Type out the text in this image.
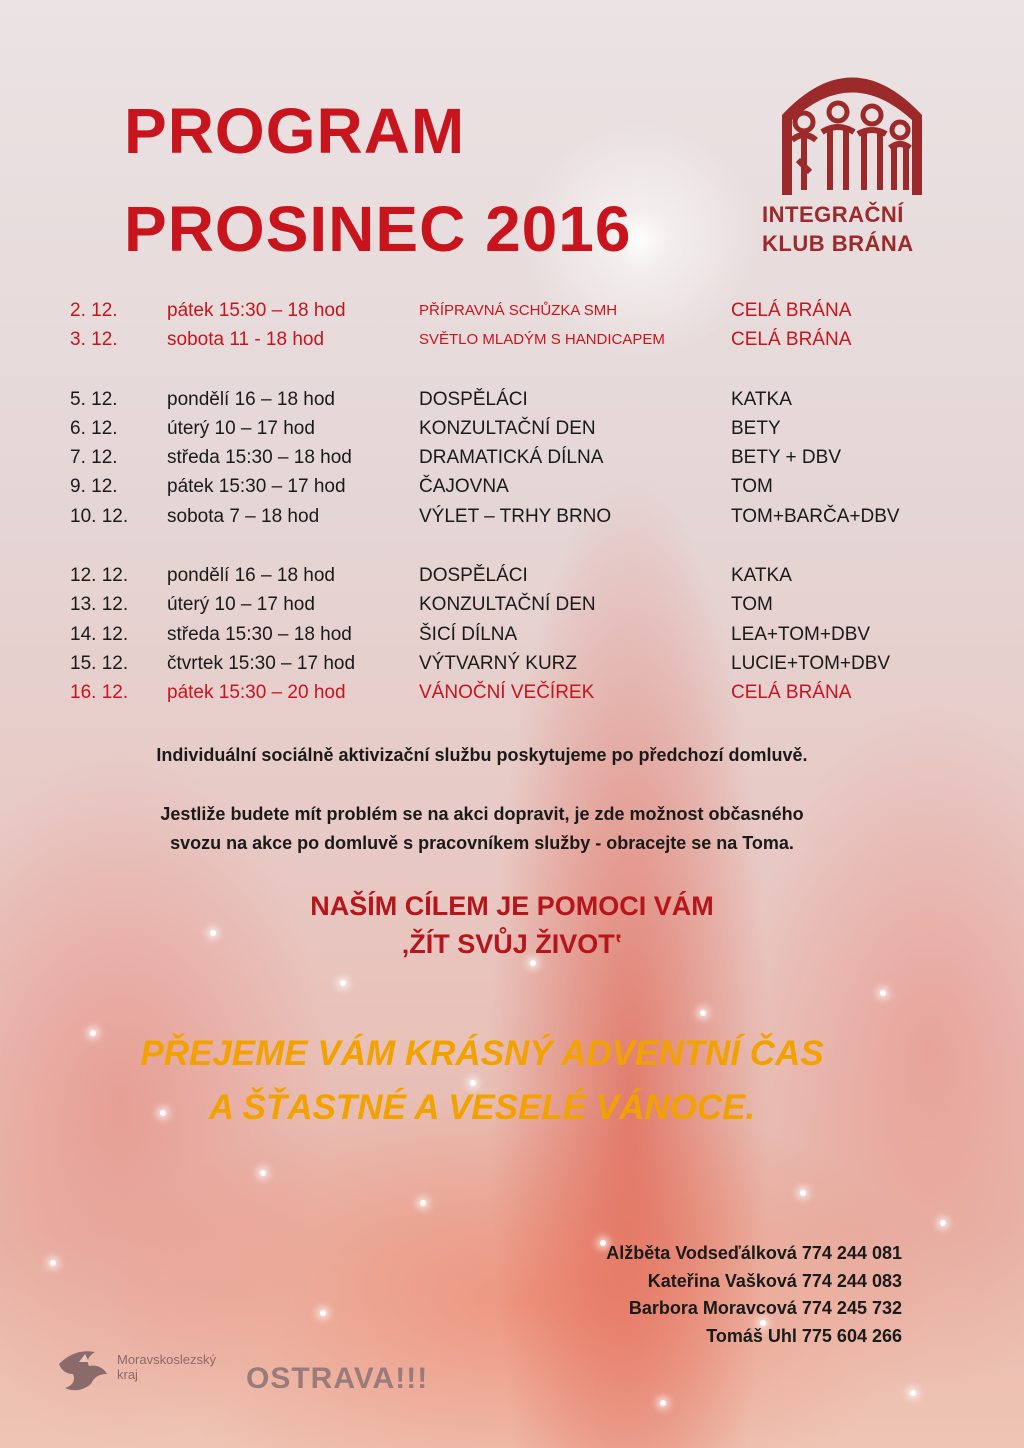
PROGRAM
PROSINEC 2016	INTEGRAČNÍ
KLUB BRÁNA
2. 12.	pátek 15:30 – 18 hod	PŘÍPRAVNÁ SCHŮZKA SMH	CELÁ BRÁNA
3. 12.	sobota 11 - 18 hod	SVĚTLO MLADÝM S HANDICAPEM	CELÁ BRÁNA
5. 12.	pondělí 16 – 18 hod	DOSPĚLÁCI	KATKA
6. 12.	úterý 10 – 17 hod	KONZULTAČNÍ DEN	BETY
7. 12.	středa 15:30 – 18 hod	DRAMATICKÁ DÍLNA	BETY + DBV
9. 12.	pátek 15:30 – 17 hod	ČAJOVNA	TOM
10. 12. sobota 7 – 18 hod	VÝLET – TRHY BRNO	TOM+BARČA+DBV
12. 12. pondělí 16 – 18 hod	DOSPĚLÁCI	KATKA
13. 12. úterý 10 – 17 hod	KONZULTAČNÍ DEN	TOM
14. 12. středa 15:30 – 18 hod	ŠICÍ DÍLNA	LEA+TOM+DBV
15. 12. čtvrtek 15:30 – 17 hod	VÝTVARNÝ KURZ	LUCIE+TOM+DBV
16. 12. pátek 15:30 – 20 hod	VÁNOČNÍ VEČÍREK	CELÁ BRÁNA

Individuální sociálně aktivizační službu poskytujeme po předchozí domluvě.

Jestliže budete mít problém se na akci dopravit, je zde možnost občasného
svozu na akce po domluvě s pracovníkem služby - obracejte se na Toma.
NAŠÍM CÍLEM JE POMOCI VÁM
‚ŽÍT SVŮJ ŽIVOT‛
PŘEJEME VÁM KRÁSNÝ ADVENTNÍ ČAS
A ŠŤASTNÉ A VESELÉ VÁNOCE.
Alžběta Vodseďálková 774 244 081
Kateřina Vašková 774 244 083
Barbora Moravcová 774 245 732
Tomáš Uhl 775 604 266
Moravskoslezský
kraj	OSTRAVA!!!
